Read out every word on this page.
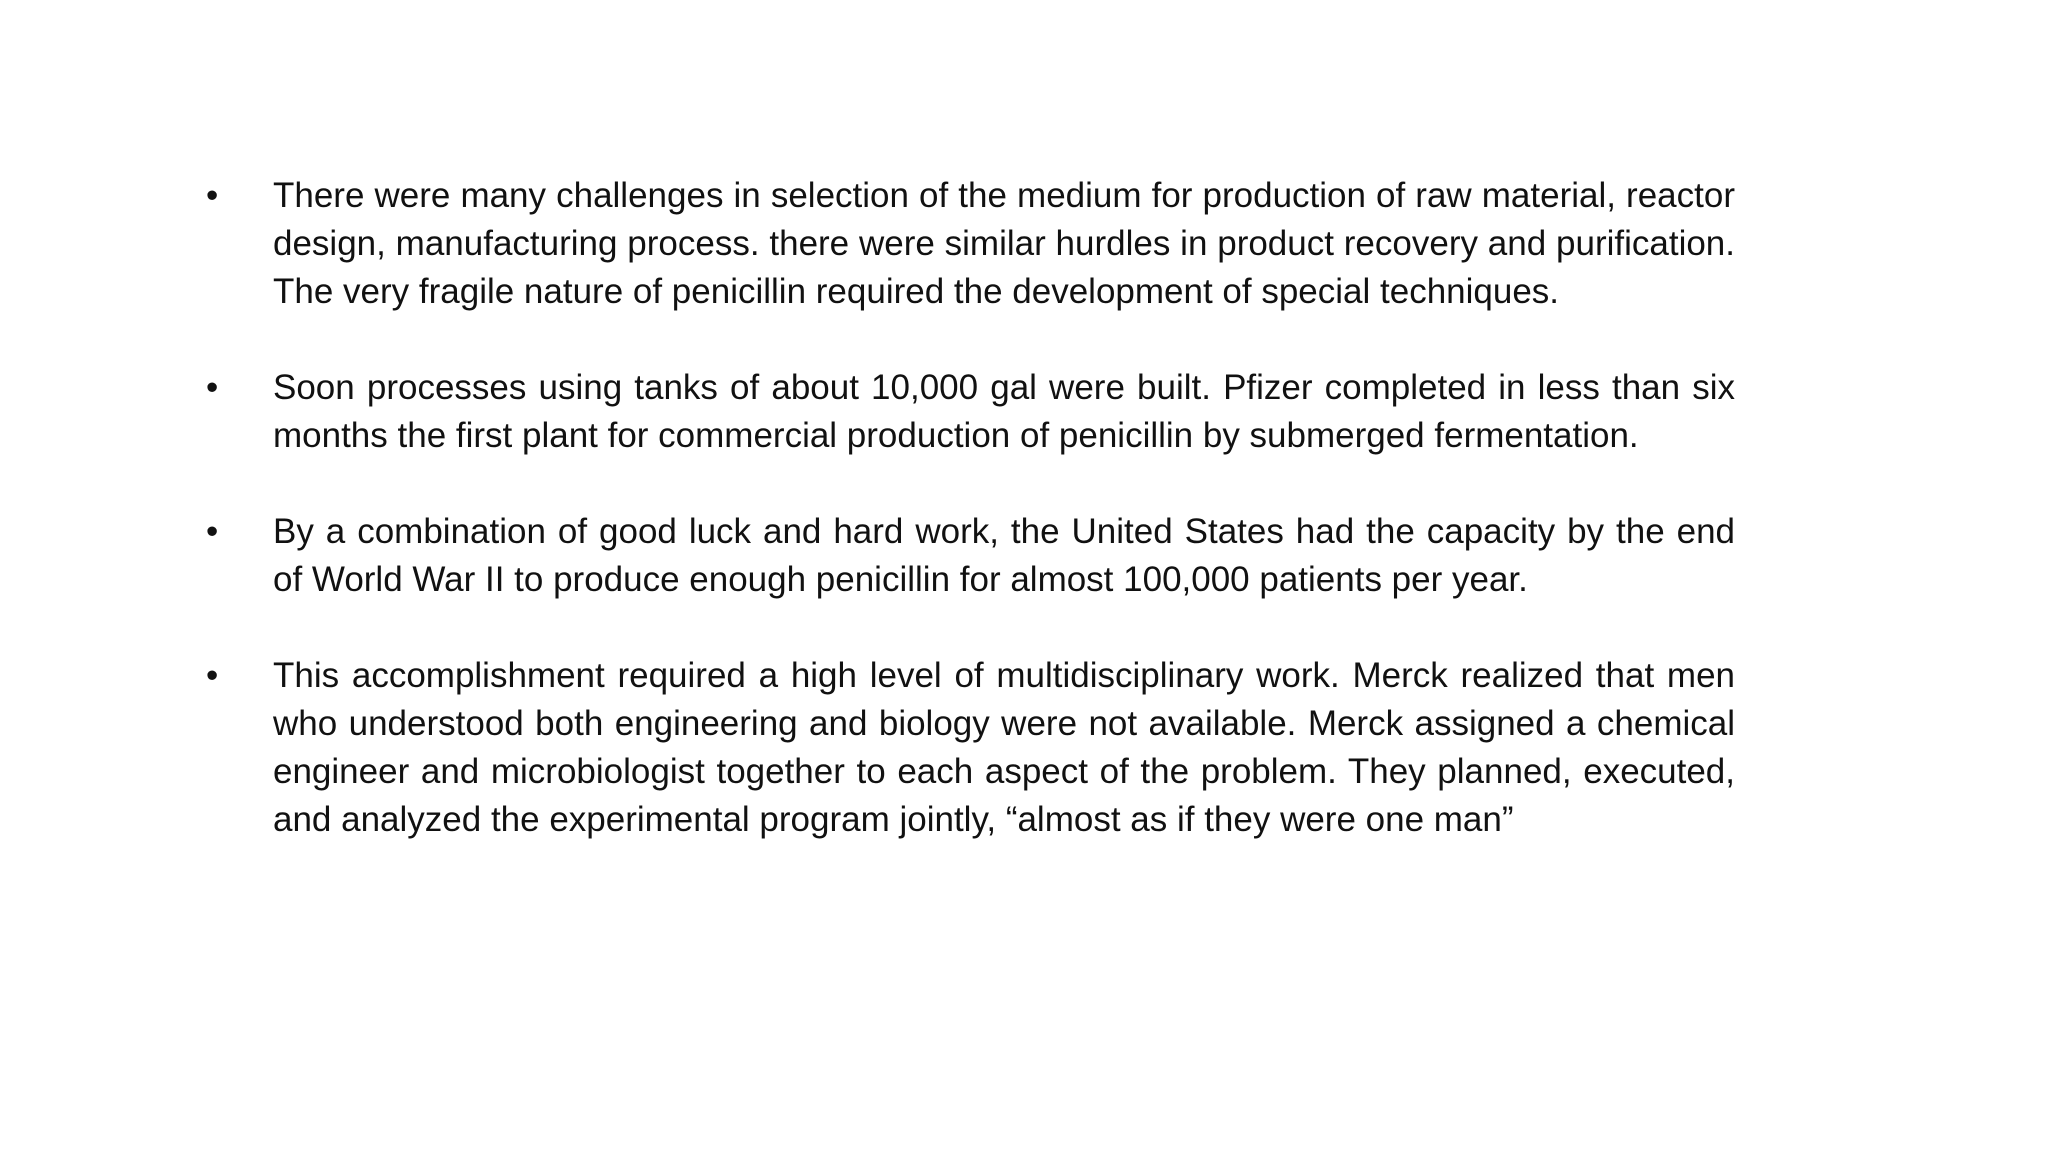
•	There were many challenges in selection of the medium for production of raw material, reactor design, manufacturing process. there were similar hurdles in product recovery and purification. The very fragile nature of penicillin required the development of special techniques.
•	Soon processes using tanks of about 10,000 gal were built. Pfizer completed in less than six months the first plant for commercial production of penicillin by submerged fermentation.
•	By a combination of good luck and hard work, the United States had the capacity by the end of World War II to produce enough penicillin for almost 100,000 patients per year.
•	This accomplishment required a high level of multidisciplinary work. Merck realized that men who understood both engineering and biology were not available. Merck assigned a chemical engineer and microbiologist together to each aspect of the problem. They planned, executed, and analyzed the experimental program jointly, “almost as if they were one man”
